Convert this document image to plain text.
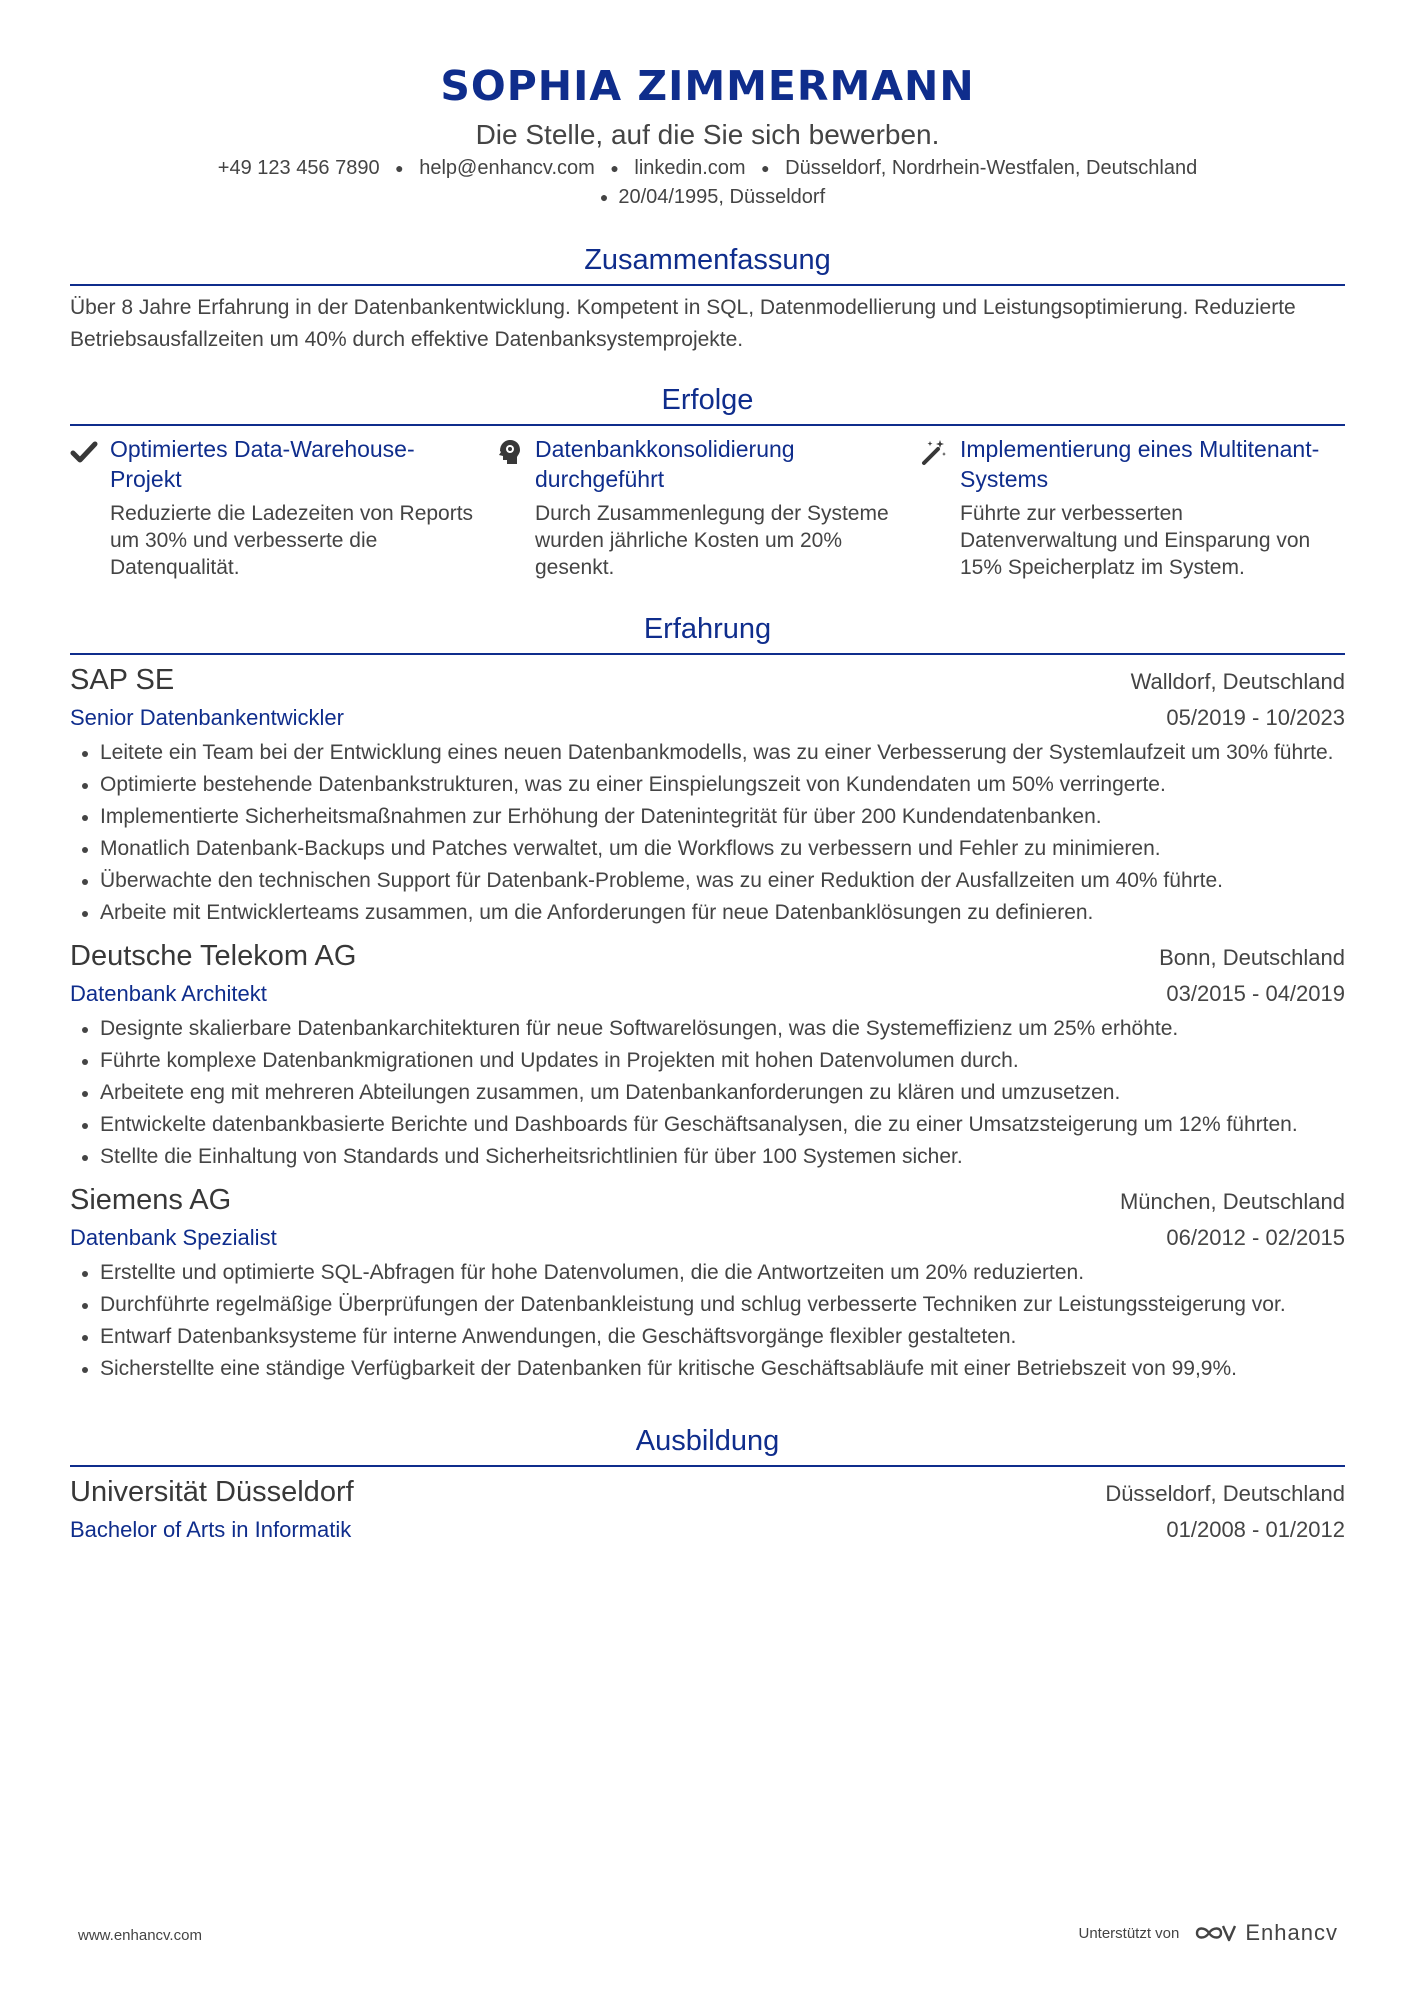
SOPHIA ZIMMERMANN
Die Stelle, auf die Sie sich bewerben.
+49 123 456 7890 ● help@enhancv.com ● linkedin.com ● Düsseldorf, Nordrhein-Westfalen, Deutschland
● 20/04/1995, Düsseldorf
Zusammenfassung
Über 8 Jahre Erfahrung in der Datenbankentwicklung. Kompetent in SQL, Datenmodellierung und Leistungsoptimierung. Reduzierte Betriebsausfallzeiten um 40% durch effektive Datenbanksystemprojekte.
Erfolge
Optimiertes Data-Warehouse-Projekt
Reduzierte die Ladezeiten von Reports um 30% und verbesserte die Datenqualität.
Datenbankkonsolidierung durchgeführt
Durch Zusammenlegung der Systeme wurden jährliche Kosten um 20% gesenkt.
Implementierung eines Multitenant-Systems
Führte zur verbesserten Datenverwaltung und Einsparung von 15% Speicherplatz im System.
Erfahrung
SAP SE	Walldorf, Deutschland
Senior Datenbankentwickler	05/2019 - 10/2023
Leitete ein Team bei der Entwicklung eines neuen Datenbankmodells, was zu einer Verbesserung der Systemlaufzeit um 30% führte.
Optimierte bestehende Datenbankstrukturen, was zu einer Einspielungszeit von Kundendaten um 50% verringerte.
Implementierte Sicherheitsmaßnahmen zur Erhöhung der Datenintegrität für über 200 Kundendatenbanken.
Monatlich Datenbank-Backups und Patches verwaltet, um die Workflows zu verbessern und Fehler zu minimieren.
Überwachte den technischen Support für Datenbank-Probleme, was zu einer Reduktion der Ausfallzeiten um 40% führte.
Arbeite mit Entwicklerteams zusammen, um die Anforderungen für neue Datenbanklösungen zu definieren.
Deutsche Telekom AG	Bonn, Deutschland
Datenbank Architekt	03/2015 - 04/2019
Designte skalierbare Datenbankarchitekturen für neue Softwarelösungen, was die Systemeffizienz um 25% erhöhte.
Führte komplexe Datenbankmigrationen und Updates in Projekten mit hohen Datenvolumen durch.
Arbeitete eng mit mehreren Abteilungen zusammen, um Datenbankanforderungen zu klären und umzusetzen.
Entwickelte datenbankbasierte Berichte und Dashboards für Geschäftsanalysen, die zu einer Umsatzsteigerung um 12% führten.
Stellte die Einhaltung von Standards und Sicherheitsrichtlinien für über 100 Systemen sicher.
Siemens AG	München, Deutschland
Datenbank Spezialist	06/2012 - 02/2015
Erstellte und optimierte SQL-Abfragen für hohe Datenvolumen, die die Antwortzeiten um 20% reduzierten.
Durchführte regelmäßige Überprüfungen der Datenbankleistung und schlug verbesserte Techniken zur Leistungssteigerung vor.
Entwarf Datenbanksysteme für interne Anwendungen, die Geschäftsvorgänge flexibler gestalteten.
Sicherstellte eine ständige Verfügbarkeit der Datenbanken für kritische Geschäftsabläufe mit einer Betriebszeit von 99,9%.
Ausbildung
Universität Düsseldorf	Düsseldorf, Deutschland
Bachelor of Arts in Informatik	01/2008 - 01/2012
www.enhancv.com	Unterstützt von	Enhancv
